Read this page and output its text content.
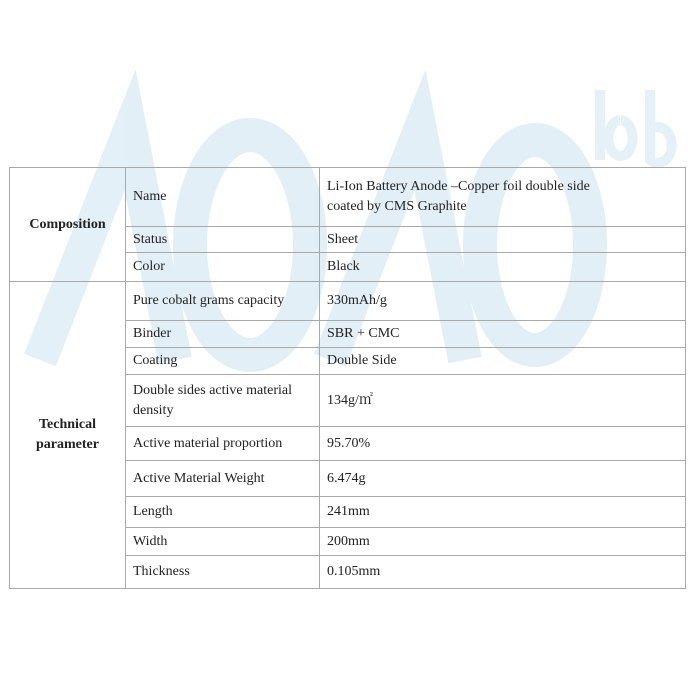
Composition	Name	Li-Ion Battery Anode –Copper foil double side coated by CMS Graphite

	Status	Sheet
	Color	Black

Technical parameter	Pure cobalt grams capacity	330mAh/g
	Binder	SBR + CMC
	Coating	Double Side
	Double sides active material density	134g/㎡
	Active material proportion	95.70%
	Active Material Weight	6.474g
	Length	241mm
	Width	200mm
	Thickness	0.105mm
